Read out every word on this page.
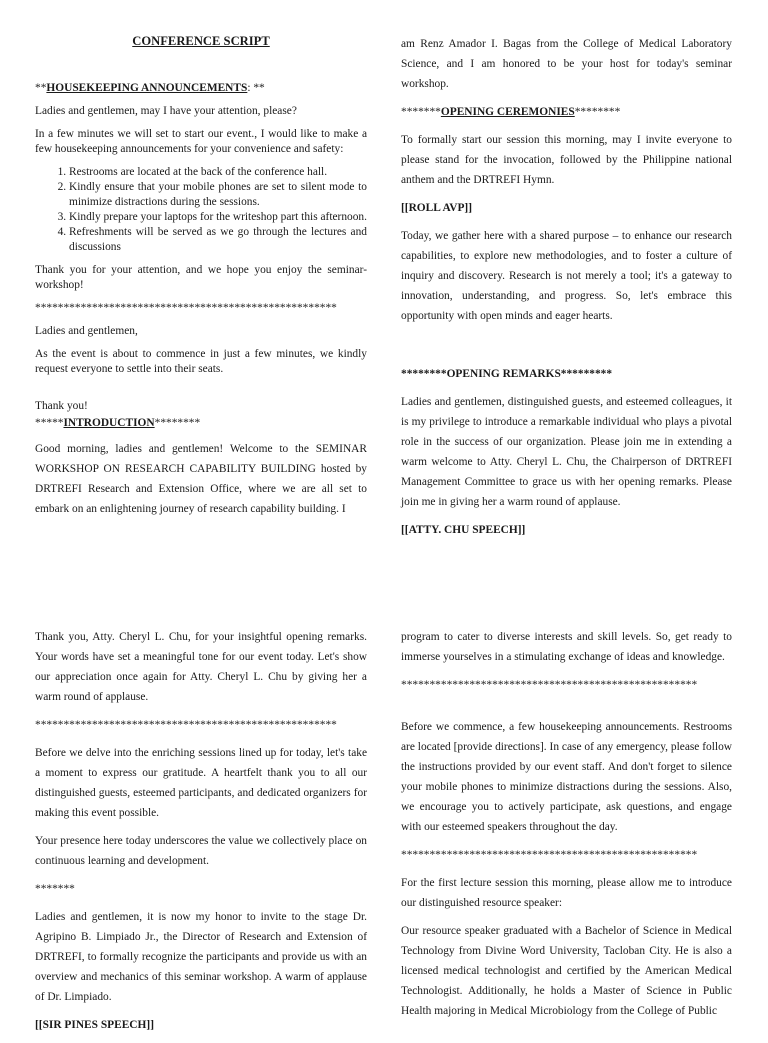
CONFERENCE SCRIPT

**HOUSEKEEPING ANNOUNCEMENTS: **

Ladies and gentlemen, may I have your attention, please?

In a few minutes we will set to start our event., I would like to make a few housekeeping announcements for your convenience and safety:

1. Restrooms are located at the back of the conference hall.
2. Kindly ensure that your mobile phones are set to silent mode to minimize distractions during the sessions.
3. Kindly prepare your laptops for the writeshop part this afternoon.
4. Refreshments will be served as we go through the lectures and discussions

Thank you for your attention, and we hope you enjoy the seminar-workshop!

*****************************************************

Ladies and gentlemen,

As the event is about to commence in just a few minutes, we kindly request everyone to settle into their seats.

Thank you!

*****INTRODUCTION********

Good morning, ladies and gentlemen! Welcome to the SEMINAR WORKSHOP ON RESEARCH CAPABILITY BUILDING hosted by DRTREFI Research and Extension Office, where we are all set to embark on an enlightening journey of research capability building. I

am Renz Amador I. Bagas from the College of Medical Laboratory Science, and I am honored to be your host for today's seminar workshop.

*******OPENING CEREMONIES********

To formally start our session this morning, may I invite everyone to please stand for the invocation, followed by the Philippine national anthem and the DRTREFI Hymn.

[[ROLL AVP]]

Today, we gather here with a shared purpose – to enhance our research capabilities, to explore new methodologies, and to foster a culture of inquiry and discovery. Research is not merely a tool; it's a gateway to innovation, understanding, and progress. So, let's embrace this opportunity with open minds and eager hearts.

********OPENING REMARKS*********

Ladies and gentlemen, distinguished guests, and esteemed colleagues, it is my privilege to introduce a remarkable individual who plays a pivotal role in the success of our organization. Please join me in extending a warm welcome to Atty. Cheryl L. Chu, the Chairperson of DRTREFI Management Committee to grace us with her opening remarks. Please join me in giving her a warm round of applause.

[[ATTY. CHU SPEECH]]

Thank you, Atty. Cheryl L. Chu, for your insightful opening remarks. Your words have set a meaningful tone for our event today. Let's show our appreciation once again for Atty. Cheryl L. Chu by giving her a warm round of applause.

*****************************************************

Before we delve into the enriching sessions lined up for today, let's take a moment to express our gratitude. A heartfelt thank you to all our distinguished guests, esteemed participants, and dedicated organizers for making this event possible.

Your presence here today underscores the value we collectively place on continuous learning and development.

*******

Ladies and gentlemen, it is now my honor to invite to the stage Dr. Agripino B. Limpiado Jr., the Director of Research and Extension of DRTREFI, to formally recognize the participants and provide us with an overview and mechanics of this seminar workshop. A warm of applause of Dr. Limpiado.

[[SIR PINES SPEECH]]

program to cater to diverse interests and skill levels. So, get ready to immerse yourselves in a stimulating exchange of ideas and knowledge.

****************************************************

Before we commence, a few housekeeping announcements. Restrooms are located [provide directions]. In case of any emergency, please follow the instructions provided by our event staff. And don't forget to silence your mobile phones to minimize distractions during the sessions. Also, we encourage you to actively participate, ask questions, and engage with our esteemed speakers throughout the day.

****************************************************

For the first lecture session this morning, please allow me to introduce our distinguished resource speaker:

Our resource speaker graduated with a Bachelor of Science in Medical Technology from Divine Word University, Tacloban City. He is also a licensed medical technologist and certified by the American Medical Technologist. Additionally, he holds a Master of Science in Public Health majoring in Medical Microbiology from the College of Public
